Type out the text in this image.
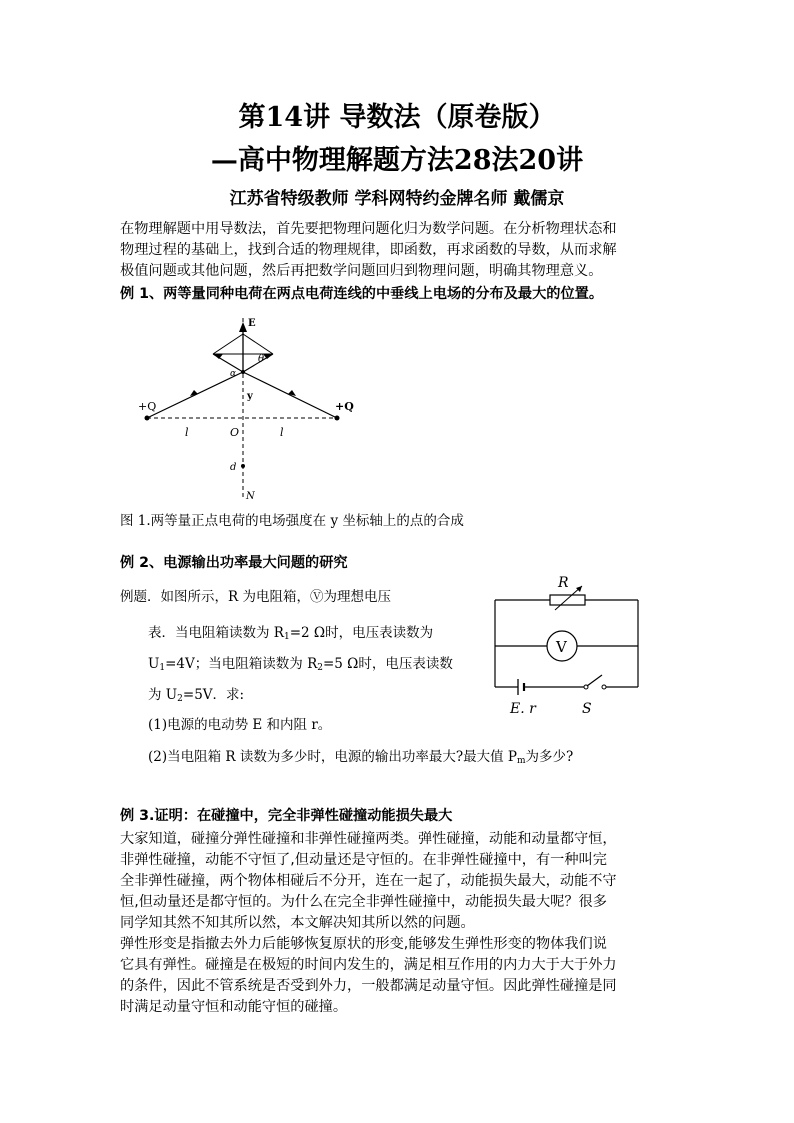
第14讲 导数法（原卷版）
—高中物理解题方法28法20讲
江苏省特级教师 学科网特约金牌名师 戴儒京
在物理解题中用导数法，首先要把物理问题化归为数学问题。在分析物理状态和
物理过程的基础上，找到合适的物理规律，即函数，再求函数的导数，从而求解
极值问题或其他问题，然后再把数学问题回归到物理问题，明确其物理意义。
例 1、两等量同种电荷在两点电荷连线的中垂线上电场的分布及最大的位置。
E
θ
α
y
+Q	+Q
l	O	l
d
N
图 1.两等量正点电荷的电场强度在 y 坐标轴上的点的合成
例 2、电源输出功率最大问题的研究
例题．如图所示，R 为电阻箱，Ⓥ为理想电压
表．当电阻箱读数为 $R_1=2$ Ω时，电压表读数为
$U_1=4V$；当电阻箱读数为 $R_2=5$ Ω时，电压表读数
为 $U_2=5V$．求:
(1)电源的电动势 E 和内阻 r。
(2)当电阻箱 R 读数为多少时，电源的输出功率最大?最大值 $P_m$为多少?
R
V
E. r	S
例 3.证明：在碰撞中，完全非弹性碰撞动能损失最大
大家知道，碰撞分弹性碰撞和非弹性碰撞两类。弹性碰撞，动能和动量都守恒，
非弹性碰撞，动能不守恒了,但动量还是守恒的。在非弹性碰撞中，有一种叫完
全非弹性碰撞，两个物体相碰后不分开，连在一起了，动能损失最大，动能不守
恒,但动量还是都守恒的。为什么在完全非弹性碰撞中，动能损失最大呢？很多
同学知其然不知其所以然，本文解决知其所以然的问题。
弹性形变是指撤去外力后能够恢复原状的形变,能够发生弹性形变的物体我们说
它具有弹性。碰撞是在极短的时间内发生的，满足相互作用的内力大于大于外力
的条件，因此不管系统是否受到外力，一般都满足动量守恒。因此弹性碰撞是同
时满足动量守恒和动能守恒的碰撞。
